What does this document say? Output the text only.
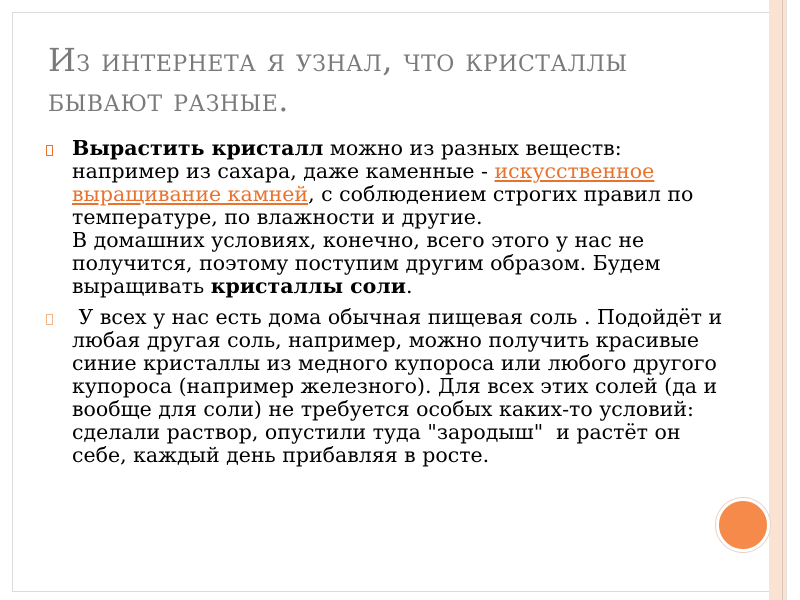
Из интернета я узнал, что кристаллы бывают разные.
Вырастить кристалл можно из разных веществ: например из сахара, даже каменные - искусственное выращивание камней, с соблюдением строгих правил по температуре, по влажности и другие.
В домашних условиях, конечно, всего этого у нас не получится, поэтому поступим другим образом. Будем выращивать кристаллы соли.
У всех у нас есть дома обычная пищевая соль . Подойдёт и любая другая соль, например, можно получить красивые синие кристаллы из медного купороса или любого другого купороса (например железного). Для всех этих солей (да и вообще для соли) не требуется особых каких-то условий: сделали раствор, опустили туда "зародыш"  и растёт он себе, каждый день прибавляя в росте.
